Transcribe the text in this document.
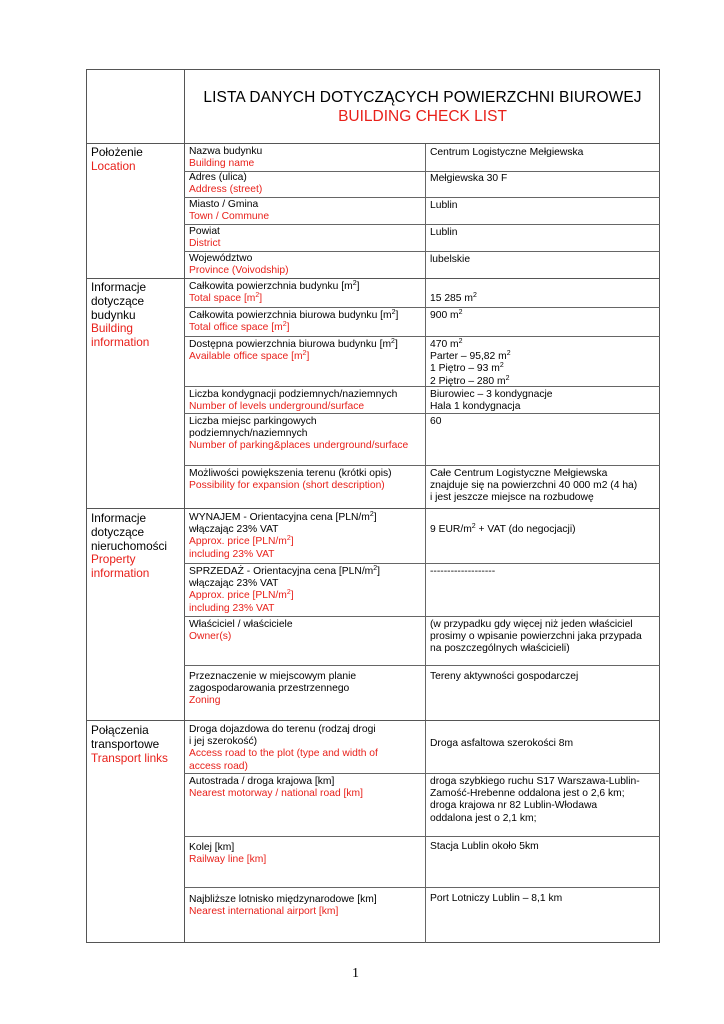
LISTA DANYCH DOTYCZĄCYCH POWIERZCHNI BIUROWEJ
BUILDING CHECK LIST
Położenie
Location
Informacje
dotyczące
budynku
Building
information
Informacje
dotyczące
nieruchomości
Property
information
Połączenia
transportowe
Transport links
Nazwa budynku
Building name
Centrum Logistyczne Mełgiewska
Adres (ulica)
Address (street)
Mełgiewska 30 F
Miasto / Gmina
Town / Commune
Lublin
Powiat
District
Lublin
Województwo
Province (Voivodship)
lubelskie
Całkowita powierzchnia budynku $[m^2]$
Total space $[m^2]$	15 285 $m^2$
Całkowita powierzchnia biurowa budynku $[m^2]$
Total office space $[m^2]$
900 $m^2$
Dostępna powierzchnia biurowa budynku $[m^2]$
Available office space $[m^2]$
470 $m^2$
Parter – 95,82 $m^2$
1 Piętro – 93 $m^2$
2 Piętro – 280 $m^2$
Liczba kondygnacji podziemnych/naziemnych
Number of levels underground/surface
Biurowiec – 3 kondygnacje
Hala 1 kondygnacja
Liczba miejsc parkingowych
podziemnych/naziemnych
Number of parking&places underground/surface
60
Możliwości powiększenia terenu (krótki opis)
Possibility for expansion (short description)
Całe Centrum Logistyczne Mełgiewska
znajduje się na powierzchni 40 000 m2 (4 ha)
i jest jeszcze miejsce na rozbudowę
WYNAJEM - Orientacyjna cena $[PLN/m^2]$
włączając 23% VAT
Approx. price $[PLN/m^2]$
including 23% VAT
9 EUR/$m^2$ + VAT (do negocjacji)
SPRZEDAŻ - Orientacyjna cena $[PLN/m^2]$
włączając 23% VAT
Approx. price $[PLN/m^2]$
including 23% VAT
-------------------
Właściciel / właściciele
Owner(s)
(w przypadku gdy więcej niż jeden właściciel
prosimy o wpisanie powierzchni jaka przypada
na poszczególnych właścicieli)
Przeznaczenie w miejscowym planie
zagospodarowania przestrzennego
Zoning
Tereny aktywności gospodarczej
Droga dojazdowa do terenu (rodzaj drogi
i jej szerokość)
Access road to the plot (type and width of
access road)
Droga asfaltowa szerokości 8m
Autostrada / droga krajowa [km]
Nearest motorway / national road [km]
droga szybkiego ruchu S17 Warszawa-Lublin-
Zamość-Hrebenne oddalona jest o 2,6 km;
droga krajowa nr 82 Lublin-Włodawa
oddalona jest o 2,1 km;
Kolej [km]
Railway line [km]
Stacja Lublin około 5km
Najbliższe lotnisko międzynarodowe [km]
Nearest international airport [km]
Port Lotniczy Lublin – 8,1 km
1
